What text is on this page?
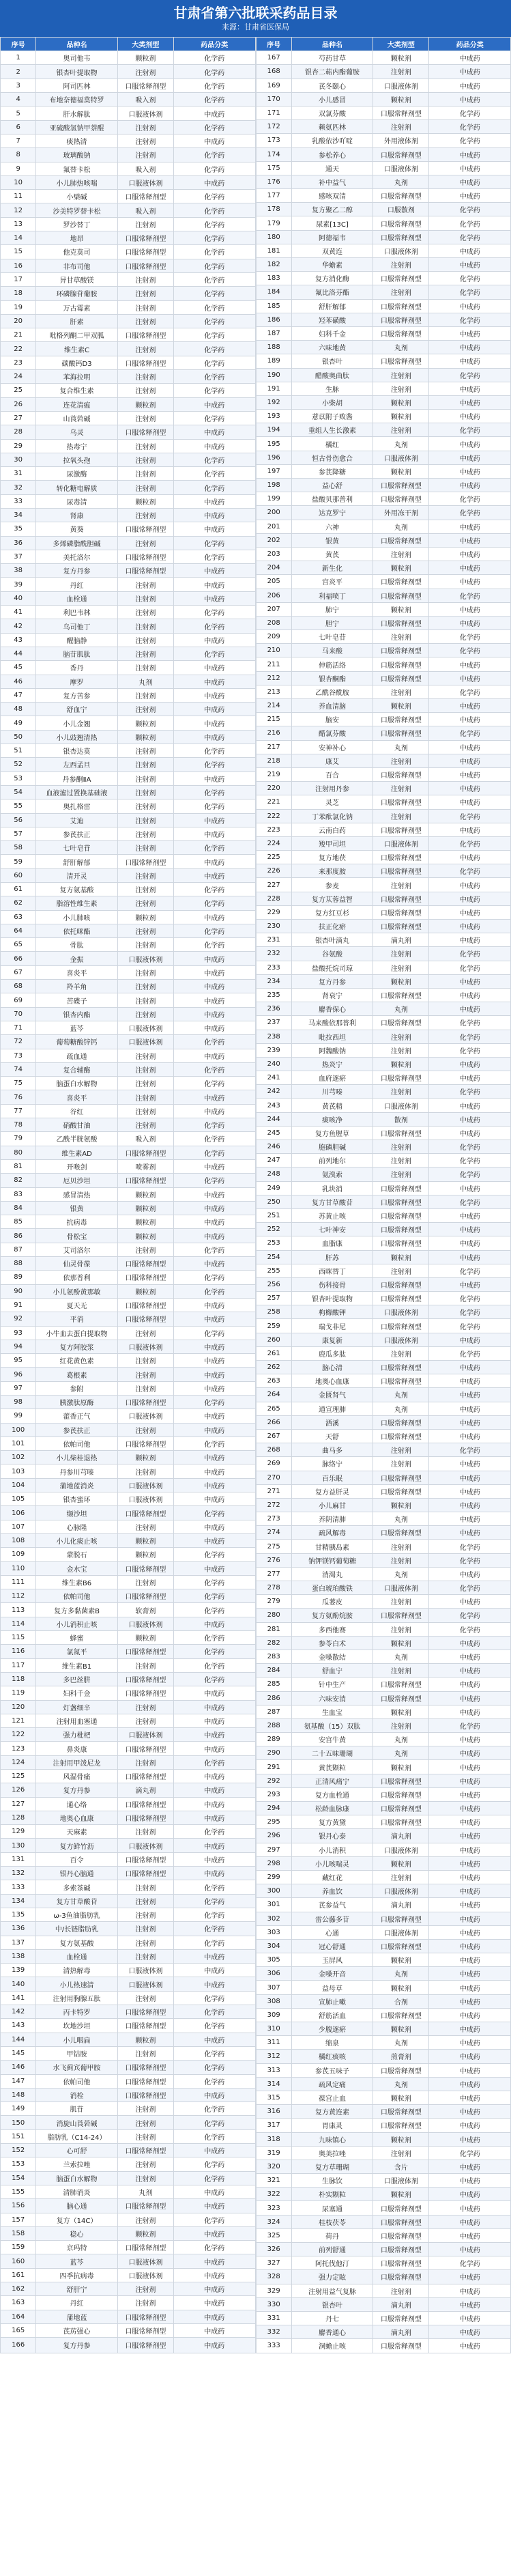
甘肃省第六批联采药品目录
来源：甘肃省医保局
序号	品种名	大类剂型	药品分类
1	奥司他韦	颗粒剂	化学药
2	银杏叶提取物	注射剂	化学药
3	阿司匹林	口服常释剂型	化学药
4	布地奈德福莫特罗	吸入剂	化学药
5	肝水解肽	口服液体剂	中成药
6	亚硫酸氢钠甲萘醌	注射剂	化学药
7	痰热清	注射剂	中成药
8	玻璃酸钠	注射剂	化学药
9	氟替卡松	吸入剂	化学药
10	小儿肺热咳喘	口服液体剂	中成药
11	小檗碱	口服常释剂型	化学药
12	沙美特罗替卡松	吸入剂	化学药
13	罗沙替丁	注射剂	化学药
14	地昂	口服常释剂型	化学药
15	他克莫司	口服常释剂型	化学药
16	非布司他	口服常释剂型	化学药
17	异甘草酸镁	注射剂	化学药
18	环磷腺苷葡胺	注射剂	化学药
19	万古霉素	注射剂	化学药
20	肝素	注射剂	化学药
21	吡格列酮二甲双胍	口服常释剂型	化学药
22	维生素C	注射剂	化学药
23	碳酸钙D3	口服常释剂型	化学药
24	苯海拉明	注射剂	化学药
25	复合维生素	注射剂	化学药
26	连花清瘟	颗粒剂	中成药
27	山莨菪碱	注射剂	化学药
28	乌灵	口服常释剂型	中成药
29	热毒宁	注射剂	中成药
30	拉氧头孢	注射剂	化学药
31	尿激酶	注射剂	化学药
32	转化糖电解质	注射剂	化学药
33	尿毒清	颗粒剂	中成药
34	肾康	注射剂	中成药
35	黄葵	口服常释剂型	中成药
36	多烯磷脂酰胆碱	注射剂	化学药
37	美托洛尔	口服常释剂型	化学药
38	复方丹参	口服常释剂型	中成药
39	丹红	注射剂	中成药
40	血栓通	注射剂	中成药
41	利巴韦林	注射剂	化学药
42	乌司他丁	注射剂	化学药
43	醒脑静	注射剂	中成药
44	脑苷肌肽	注射剂	化学药
45	香丹	注射剂	中成药
46	摩罗	丸剂	中成药
47	复方苦参	注射剂	中成药
48	舒血宁	注射剂	中成药
49	小儿金翘	颗粒剂	中成药
50	小儿豉翘清热	颗粒剂	中成药
51	银杏达莫	注射剂	化学药
52	左西孟旦	注射剂	化学药
53	丹参酮ⅡA	注射剂	中成药
54	血液滤过置换基础液	注射剂	化学药
55	奥扎格雷	注射剂	化学药
56	艾迪	注射剂	中成药
57	参芪扶正	注射剂	中成药
58	七叶皂苷	注射剂	化学药
59	舒肝解郁	口服常释剂型	中成药
60	清开灵	注射剂	中成药
61	复方氨基酸	注射剂	化学药
62	脂溶性维生素	注射剂	化学药
63	小儿肺咳	颗粒剂	中成药
64	依托咪酯	注射剂	化学药
65	骨肽	注射剂	化学药
66	金振	口服液体剂	中成药
67	喜炎平	注射剂	中成药
68	羚羊角	注射剂	中成药
69	苦碟子	注射剂	中成药
70	银杏内酯	注射剂	中成药
71	蓝芩	口服液体剂	中成药
72	葡萄糖酸锌钙	口服液体剂	化学药
73	疏血通	注射剂	中成药
74	复合辅酶	注射剂	化学药
75	脑蛋白水解物	注射剂	化学药
76	喜炎平	注射剂	中成药
77	谷红	注射剂	中成药
78	硝酸甘油	注射剂	化学药
79	乙酰半胱氨酸	吸入剂	化学药
80	维生素AD	口服常释剂型	化学药
81	开喉剑	喷雾剂	中成药
82	厄贝沙坦	口服常释剂型	化学药
83	感冒清热	颗粒剂	中成药
84	银黄	颗粒剂	中成药
85	抗病毒	颗粒剂	中成药
86	骨松宝	颗粒剂	中成药
87	艾司洛尔	注射剂	化学药
88	仙灵骨葆	口服常释剂型	中成药
89	依那普利	口服常释剂型	化学药
90	小儿氨酚黄那敏	颗粒剂	化学药
91	夏天无	口服常释剂型	中成药
92	平消	口服常释剂型	中成药
93	小牛血去蛋白提取物	注射剂	化学药
94	复方阿胶浆	口服液体剂	中成药
95	红花黄色素	注射剂	中成药
96	葛根素	注射剂	中成药
97	参附	注射剂	中成药
98	胰激肽原酶	口服常释剂型	化学药
99	藿香正气	口服液体剂	中成药
100	参芪扶正	注射剂	中成药
101	依帕司他	口服常释剂型	化学药
102	小儿柴桂退热	颗粒剂	中成药
103	丹参川芎嗪	注射剂	中成药
104	蒲地蓝消炎	口服液体剂	中成药
105	银杏蜜环	口服液体剂	中成药
106	缬沙坦	口服常释剂型	化学药
107	心脉隆	注射剂	中成药
108	小儿化痰止咳	颗粒剂	中成药
109	蒙脱石	颗粒剂	化学药
110	金水宝	口服常释剂型	中成药
111	维生素B6	注射剂	化学药
112	依帕司他	口服常释剂型	化学药
113	复方多黏菌素B	软膏剂	化学药
114	小儿消积止咳	口服液体剂	中成药
115	蜂蜜	颗粒剂	化学药
116	氯氮平	口服常释剂型	化学药
117	维生素B1	注射剂	化学药
118	多巴丝肼	口服常释剂型	化学药
119	妇科千金	口服常释剂型	中成药
120	灯盏细辛	注射剂	中成药
121	注射用血塞通	注射剂	中成药
122	强力枇杷	口服液体剂	中成药
123	鼻炎康	口服常释剂型	中成药
124	注射用甲泼尼龙	注射剂	化学药
125	风湿骨痛	口服常释剂型	中成药
126	复方丹参	滴丸剂	中成药
127	通心络	口服常释剂型	中成药
128	地奥心血康	口服常释剂型	中成药
129	天麻素	注射剂	化学药
130	复方鲜竹沥	口服液体剂	中成药
131	百令	口服常释剂型	中成药
132	银丹心脑通	口服常释剂型	中成药
133	多索茶碱	注射剂	化学药
134	复方甘草酸苷	注射剂	化学药
135	ω-3鱼油脂肪乳	注射剂	化学药
136	中/长链脂肪乳	注射剂	化学药
137	复方氨基酸	注射剂	化学药
138	血栓通	注射剂	中成药
139	清热解毒	口服液体剂	中成药
140	小儿热速清	口服液体剂	中成药
141	注射用胸腺五肽	注射剂	化学药
142	丙卡特罗	口服常释剂型	化学药
143	坎地沙坦	口服常释剂型	化学药
144	小儿咽扁	颗粒剂	中成药
145	甲钴胺	注射剂	化学药
146	水飞蓟宾葡甲胺	口服常释剂型	化学药
147	依帕司他	口服常释剂型	化学药
148	消栓	口服常释剂型	中成药
149	肌苷	注射剂	化学药
150	消旋山莨菪碱	注射剂	化学药
151	脂肪乳（C14-24）	注射剂	化学药
152	心可舒	口服常释剂型	中成药
153	兰索拉唑	注射剂	化学药
154	脑蛋白水解物	注射剂	化学药
155	清肺消炎	丸剂	中成药
156	脑心通	口服常释剂型	中成药
157	复方（14C）	注射剂	化学药
158	稳心	颗粒剂	中成药
159	京玛特	口服常释剂型	化学药
160	蓝芩	口服液体剂	中成药
161	四季抗病毒	口服液体剂	中成药
162	舒肝宁	注射剂	中成药
163	丹红	注射剂	中成药
164	蒲地蓝	口服常释剂型	中成药
165	芪苈强心	口服常释剂型	中成药
166	复方丹参	口服常释剂型	中成药
序号	品种名	大类剂型	药品分类
167	芍药甘草	颗粒剂	中成药
168	银杏二萜内酯葡胺	注射剂	中成药
169	芪冬颐心	口服液体剂	中成药
170	小儿感冒	颗粒剂	中成药
171	双氯芬酸	口服常释剂型	化学药
172	赖氨匹林	注射剂	化学药
173	乳酸依沙吖啶	外用液体剂	化学药
174	参松养心	口服常释剂型	中成药
175	通天	口服液体剂	中成药
176	补中益气	丸剂	中成药
177	感咳双清	口服常释剂型	中成药
178	复方聚乙二醇	口服散剂	化学药
179	尿素[13C]	口服常释剂型	化学药
180	阿德福韦	口服常释剂型	化学药
181	双黄连	口服液体剂	中成药
182	华蟾素	注射剂	中成药
183	复方消化酶	口服常释剂型	化学药
184	氟比洛芬酯	注射剂	化学药
185	舒肝解郁	口服常释剂型	中成药
186	羟苯磺酸	口服常释剂型	化学药
187	妇科千金	口服常释剂型	中成药
188	六味地黄	丸剂	中成药
189	银杏叶	口服常释剂型	中成药
190	醋酸奥曲肽	注射剂	化学药
191	生脉	注射剂	中成药
192	小柴胡	颗粒剂	中成药
193	薏苡附子败酱	颗粒剂	中成药
194	重组人生长激素	注射剂	化学药
195	橘红	丸剂	中成药
196	恒古骨伤愈合	口服液体剂	中成药
197	参芪降糖	颗粒剂	中成药
198	益心舒	口服常释剂型	中成药
199	盐酸贝那普利	口服常释剂型	化学药
200	达克罗宁	外用冻干剂	化学药
201	六神	丸剂	中成药
202	银黄	口服常释剂型	中成药
203	黄芪	注射剂	中成药
204	新生化	颗粒剂	中成药
205	宫炎平	口服常释剂型	中成药
206	利福喷丁	口服常释剂型	化学药
207	肺宁	颗粒剂	中成药
208	胆宁	口服常释剂型	中成药
209	七叶皂苷	注射剂	化学药
210	马来酸	口服常释剂型	化学药
211	伸筋活络	口服常释剂型	中成药
212	银杏酮酯	口服常释剂型	中成药
213	乙酰谷酰胺	注射剂	化学药
214	养血清脑	颗粒剂	中成药
215	脑安	口服常释剂型	中成药
216	醋氯芬酸	口服常释剂型	化学药
217	安神补心	丸剂	中成药
218	康艾	注射剂	中成药
219	百合	口服常释剂型	中成药
220	注射用丹参	注射剂	中成药
221	灵芝	口服常释剂型	中成药
222	丁苯酞氯化钠	注射剂	化学药
223	云南白药	口服常释剂型	中成药
224	羧甲司坦	口服液体剂	化学药
225	复方地茯	口服常释剂型	中成药
226	来那度胺	口服常释剂型	化学药
227	参麦	注射剂	中成药
228	复方苁蓉益智	口服常释剂型	中成药
229	复方红豆杉	口服常释剂型	中成药
230	扶正化瘀	口服常释剂型	中成药
231	银杏叶滴丸	滴丸剂	中成药
232	谷氨酸	注射剂	化学药
233	盐酸托烷司琼	注射剂	化学药
234	复方丹参	颗粒剂	中成药
235	肾衰宁	口服常释剂型	中成药
236	麝香保心	丸剂	中成药
237	马来酸依那普利	口服常释剂型	化学药
238	吡拉西坦	注射剂	化学药
239	阿魏酸钠	注射剂	化学药
240	热炎宁	颗粒剂	中成药
241	血府逐瘀	口服常释剂型	中成药
242	川芎嗪	注射剂	化学药
243	黄芪精	口服液体剂	中成药
244	痰咳净	散剂	中成药
245	复方鱼腥草	口服常释剂型	中成药
246	胞磷胆碱	注射剂	化学药
247	前列地尔	注射剂	化学药
248	氨溴索	注射剂	化学药
249	乳块消	口服常释剂型	中成药
250	复方甘草酸苷	口服常释剂型	化学药
251	苏黄止咳	口服常释剂型	中成药
252	七叶神安	口服常释剂型	中成药
253	血脂康	口服常释剂型	中成药
254	肝苏	颗粒剂	中成药
255	西咪替丁	注射剂	化学药
256	伤科接骨	口服常释剂型	中成药
257	银杏叶提取物	口服常释剂型	化学药
258	枸橼酸钾	口服液体剂	化学药
259	瑞戈非尼	口服常释剂型	化学药
260	康复新	口服液体剂	中成药
261	鹿瓜多肽	注射剂	化学药
262	脑心清	口服常释剂型	中成药
263	地奥心血康	口服常释剂型	中成药
264	金匮肾气	丸剂	中成药
265	通宣理肺	丸剂	中成药
266	洒溪	口服常释剂型	中成药
267	天舒	口服常释剂型	中成药
268	曲马多	注射剂	化学药
269	脉络宁	注射剂	中成药
270	百乐眠	口服常释剂型	中成药
271	复方益肝灵	口服常释剂型	中成药
272	小儿麻甘	颗粒剂	中成药
273	养阴清肺	丸剂	中成药
274	疏风解毒	口服常释剂型	中成药
275	甘精胰岛素	注射剂	化学药
276	钠钾镁钙葡萄糖	注射剂	化学药
277	消渴丸	丸剂	中成药
278	蛋白琥珀酸铁	口服液体剂	化学药
279	瓜蒌皮	注射剂	中成药
280	复方氨酚烷胺	口服常释剂型	化学药
281	多西他赛	注射剂	化学药
282	参苓白术	颗粒剂	中成药
283	金嗓散结	丸剂	中成药
284	舒血宁	注射剂	中成药
285	针中生产	口服常释剂型	中成药
286	六味安消	口服常释剂型	中成药
287	生血宝	颗粒剂	中成药
288	氨基酸（15）双肽	注射剂	化学药
289	安宫牛黄	丸剂	中成药
290	二十五味珊瑚	丸剂	中成药
291	黄芪颗粒	颗粒剂	中成药
292	正清风痛宁	口服常释剂型	中成药
293	复方血栓通	口服常释剂型	中成药
294	松龄血脉康	口服常释剂型	中成药
295	复方黄黛	口服常释剂型	中成药
296	银丹心泰	滴丸剂	中成药
297	小儿消积	口服液体剂	中成药
298	小儿咳喘灵	颗粒剂	中成药
299	藏红花	注射剂	中成药
300	养血饮	口服液体剂	中成药
301	芪参益气	滴丸剂	中成药
302	雷公藤多苷	口服常释剂型	中成药
303	心通	口服液体剂	中成药
304	冠心舒通	口服常释剂型	中成药
305	玉屏风	颗粒剂	中成药
306	金嗓开音	丸剂	中成药
307	益母草	颗粒剂	中成药
308	宣肺止嗽	合剂	中成药
309	舒筋活血	口服常释剂型	中成药
310	少腹逐瘀	颗粒剂	中成药
311	缩泉	丸剂	中成药
312	橘红痰咳	煎膏剂	中成药
313	参芪五味子	口服常释剂型	中成药
314	疏风定痛	丸剂	中成药
315	葆宫止血	颗粒剂	中成药
316	复方黄连素	口服常释剂型	中成药
317	胃康灵	口服常释剂型	中成药
318	九味镇心	颗粒剂	中成药
319	奥美拉唑	注射剂	化学药
320	复方草珊瑚	含片	中成药
321	生脉饮	口服液体剂	中成药
322	朴实颗粒	颗粒剂	中成药
323	尿塞通	口服常释剂型	中成药
324	桂枝茯苓	口服常释剂型	中成药
325	荷丹	口服常释剂型	中成药
326	前列舒通	口服常释剂型	中成药
327	阿托伐他汀	口服常释剂型	化学药
328	强力定眩	口服常释剂型	中成药
329	注射用益气复脉	注射剂	中成药
330	银杏叶	滴丸剂	中成药
331	丹七	口服常释剂型	中成药
332	麝香通心	滴丸剂	中成药
333	洞蟾止咳	口服常释剂型	中成药
